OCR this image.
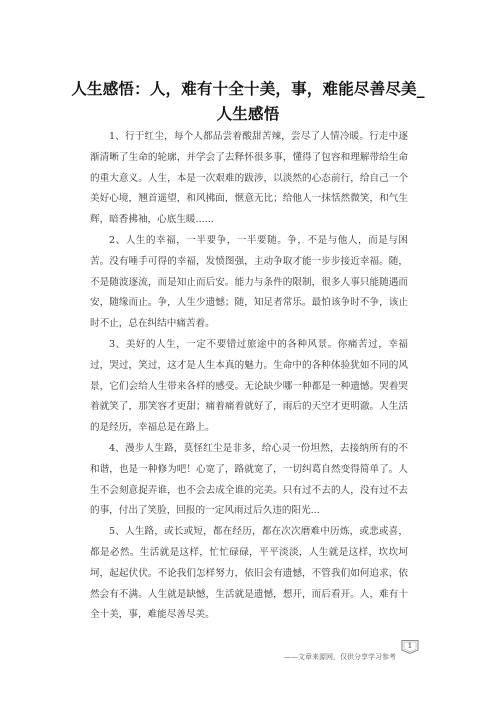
人生感悟：人，难有十全十美，事，难能尽善尽美_
人生感悟

1、行于红尘，每个人都品尝着酸甜苦辣，尝尽了人情冷暖。行走中逐渐清晰了生命的轮廓，并学会了去释怀很多事，懂得了包容和理解带给生命的重大意义。人生，本是一次艰难的跋涉，以淡然的心态前行，给自己一个美好心境，翘首遥望，和风拂面，惬意无比；给他人一抹恬然微笑，和气生辉，暗香拂袖，心底生暖......

2、人生的幸福，一半要争，一半要随。争，不是与他人，而是与困苦。没有唾手可得的幸福，发愤图强，主动争取才能一步步接近幸福。随，不是随波逐流，而是知止而后安。能力与条件的限制，很多人事只能随遇而安，随缘而止。争，人生少遗憾；随，知足者常乐。最怕该争时不争，该止时不止，总在纠结中痛苦着。

3、美好的人生，一定不要错过旅途中的各种风景。你痛苦过，幸福过，哭过，笑过，这才是人生本真的魅力。生命中的各种体验犹如不同的风景，它们会给人生带来各样的感受。无论缺少哪一种都是一种遗憾。哭着哭着就笑了，那笑容才更甜；痛着痛着就好了，雨后的天空才更明澈。人生活的是经历，幸福总是在路上。

4、漫步人生路，莫怪红尘是非多，给心灵一份坦然，去接纳所有的不和谐，也是一种修为吧！心宽了，路就宽了，一切纠葛自然变得简单了。人生不会刻意捉弄谁，也不会去成全谁的完美。只有过不去的人，没有过不去的事，付出了笑脸，回报的一定风雨过后久违的阳光...

5、人生路，或长或短，都在经历，都在次次磨难中历炼，或悲或喜，都是必然。生活就是这样，忙忙碌碌，平平淡淡，人生就是这样，坎坎坷坷，起起伏伏。不论我们怎样努力，依旧会有遗憾，不管我们如何追求，依然会有不满。人生就是缺憾，生活就是遗憾，想开，而后看开。人，难有十全十美，事，难能尽善尽美。

1
——文章来源网，仅供分享学习参考
